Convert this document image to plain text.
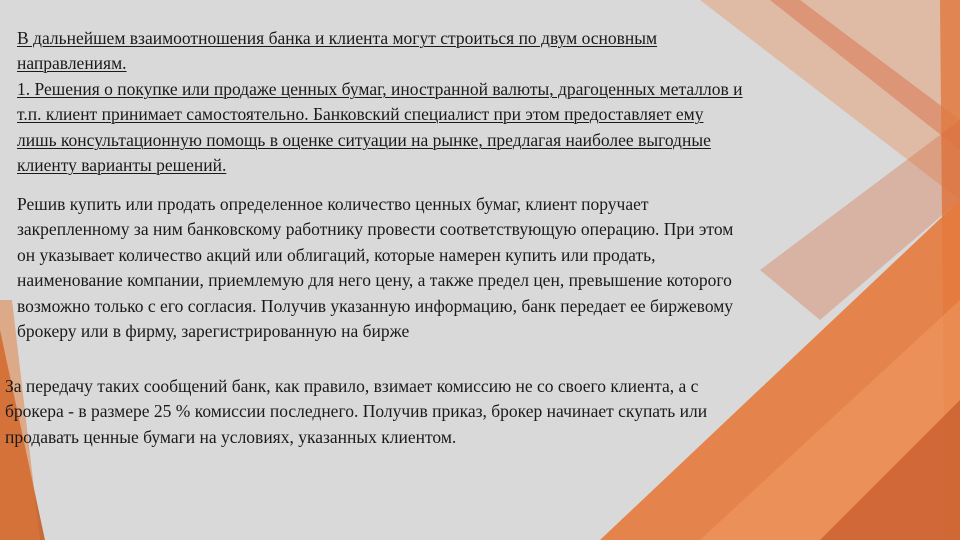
В дальнейшем взаимоотношения банка и клиента могут строиться по двум основным
направлениям.
1. Решения о покупке или продаже ценных бумаг, иностранной валюты, драгоценных металлов и
т.п. клиент принимает самостоятельно. Банковский специалист при этом предоставляет ему
лишь консультационную помощь в оценке ситуации на рынке, предлагая наиболее выгодные
клиенту варианты решений.
Решив купить или продать определенное количество ценных бумаг, клиент поручает
закрепленному за ним банковскому работнику провести соответствующую операцию. При этом
он указывает количество акций или облигаций, которые намерен купить или продать,
наименование компании, приемлемую для него цену, а также предел цен, превышение которого
возможно только с его согласия. Получив указанную информацию, банк передает ее биржевому
брокеру или в фирму, зарегистрированную на бирже
За передачу таких сообщений банк, как правило, взимает комиссию не со своего клиента, а с
брокера - в размере 25 % комиссии последнего. Получив приказ, брокер начинает скупать или
продавать ценные бумаги на условиях, указанных клиентом.
